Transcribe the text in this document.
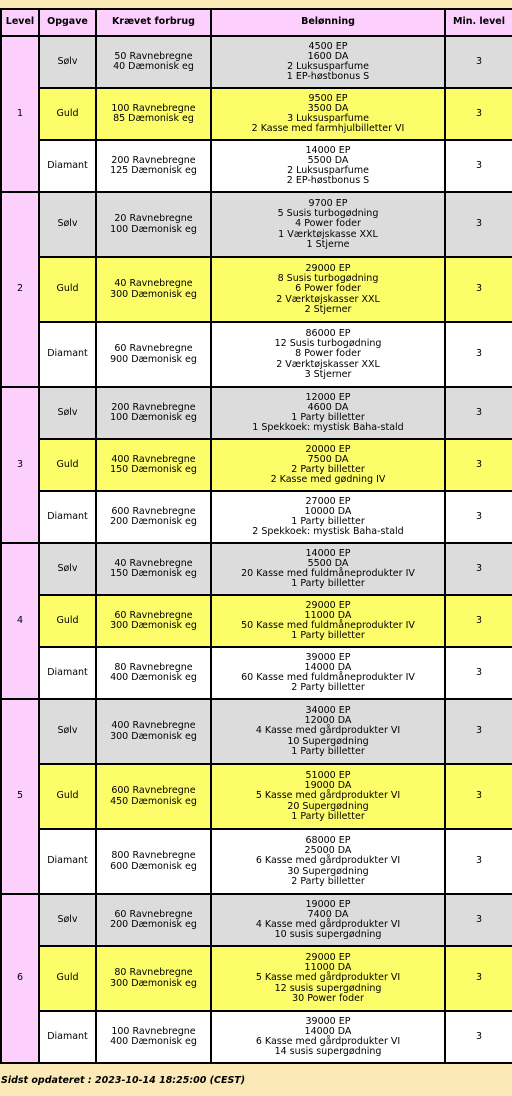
Level	Opgave	Krævet forbrug	Belønning	Min. level
1	Sølv	50 Ravnebregne
40 Dæmonisk eg	4500 EP
1600 DA
2 Luksusparfume
1 EP-høstbonus S	3
	Guld	100 Ravnebregne
85 Dæmonisk eg	9500 EP
3500 DA
3 Luksusparfume
2 Kasse med farmhjulbilletter VI	3
	Diamant	200 Ravnebregne
125 Dæmonisk eg	14000 EP
5500 DA
2 Luksusparfume
2 EP-høstbonus S	3
2	Sølv	20 Ravnebregne
100 Dæmonisk eg	9700 EP
5 Susis turbogødning
4 Power foder
1 Værktøjskasse XXL
1 Stjerne	3
	Guld	40 Ravnebregne
300 Dæmonisk eg	29000 EP
8 Susis turbogødning
6 Power foder
2 Værktøjskasser XXL
2 Stjerner	3
	Diamant	60 Ravnebregne
900 Dæmonisk eg	86000 EP
12 Susis turbogødning
8 Power foder
2 Værktøjskasser XXL
3 Stjerner	3
3	Sølv	200 Ravnebregne
100 Dæmonisk eg	12000 EP
4600 DA
1 Party billetter
1 Spekkoek: mystisk Baha-stald	3
	Guld	400 Ravnebregne
150 Dæmonisk eg	20000 EP
7500 DA
2 Party billetter
2 Kasse med gødning IV	3
	Diamant	600 Ravnebregne
200 Dæmonisk eg	27000 EP
10000 DA
1 Party billetter
2 Spekkoek: mystisk Baha-stald	3
4	Sølv	40 Ravnebregne
150 Dæmonisk eg	14000 EP
5500 DA
20 Kasse med fuldmåneprodukter IV
1 Party billetter	3
	Guld	60 Ravnebregne
300 Dæmonisk eg	29000 EP
11000 DA
50 Kasse med fuldmåneprodukter IV
1 Party billetter	3
	Diamant	80 Ravnebregne
400 Dæmonisk eg	39000 EP
14000 DA
60 Kasse med fuldmåneprodukter IV
2 Party billetter	3
5	Sølv	400 Ravnebregne
300 Dæmonisk eg	34000 EP
12000 DA
4 Kasse med gårdprodukter VI
10 Supergødning
1 Party billetter	3
	Guld	600 Ravnebregne
450 Dæmonisk eg	51000 EP
19000 DA
5 Kasse med gårdprodukter VI
20 Supergødning
1 Party billetter	3
	Diamant	800 Ravnebregne
600 Dæmonisk eg	68000 EP
25000 DA
6 Kasse med gårdprodukter VI
30 Supergødning
2 Party billetter	3
6	Sølv	60 Ravnebregne
200 Dæmonisk eg	19000 EP
7400 DA
4 Kasse med gårdprodukter VI
10 susis supergødning	3
	Guld	80 Ravnebregne
300 Dæmonisk eg	29000 EP
11000 DA
5 Kasse med gårdprodukter VI
12 susis supergødning
30 Power foder	3
	Diamant	100 Ravnebregne
400 Dæmonisk eg	39000 EP
14000 DA
6 Kasse med gårdprodukter VI
14 susis supergødning	3
Sidst opdateret : 2023-10-14 18:25:00 (CEST)
